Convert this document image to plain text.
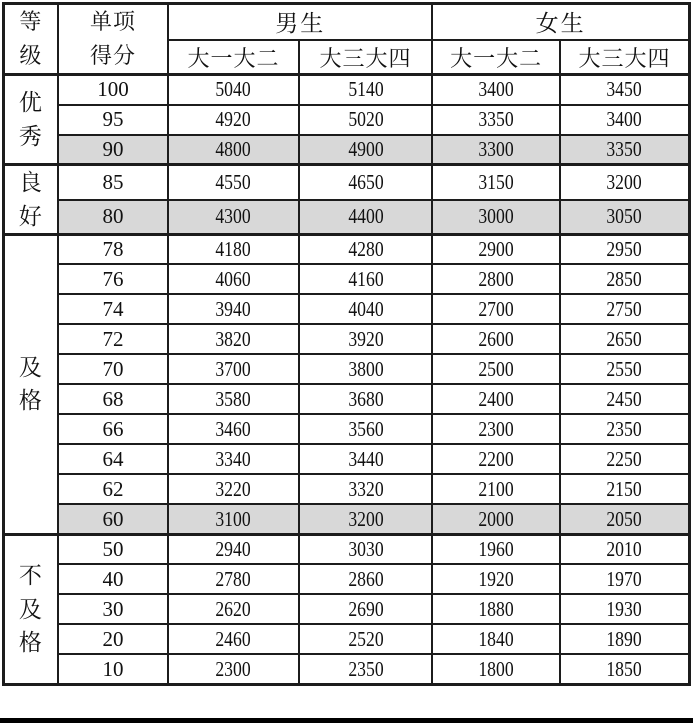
等
级	单项
得分	男生		女生	
		大一大二	大三大四	大一大二	大三大四

优
秀	100	5040	5140	3400	3450
	95	4920	5020	3350	3400
	90	4800	4900	3300	3350

良
好	85	4550	4650	3150	3200
	80	4300	4400	3000	3050

及
格	78	4180	4280	2900	2950
	76	4060	4160	2800	2850
	74	3940	4040	2700	2750
	72	3820	3920	2600	2650
	70	3700	3800	2500	2550
	68	3580	3680	2400	2450
	66	3460	3560	2300	2350
	64	3340	3440	2200	2250
	62	3220	3320	2100	2150
	60	3100	3200	2000	2050

不
及
格	50	2940	3030	1960	2010
	40	2780	2860	1920	1970
	30	2620	2690	1880	1930
	20	2460	2520	1840	1890
	10	2300	2350	1800	1850
